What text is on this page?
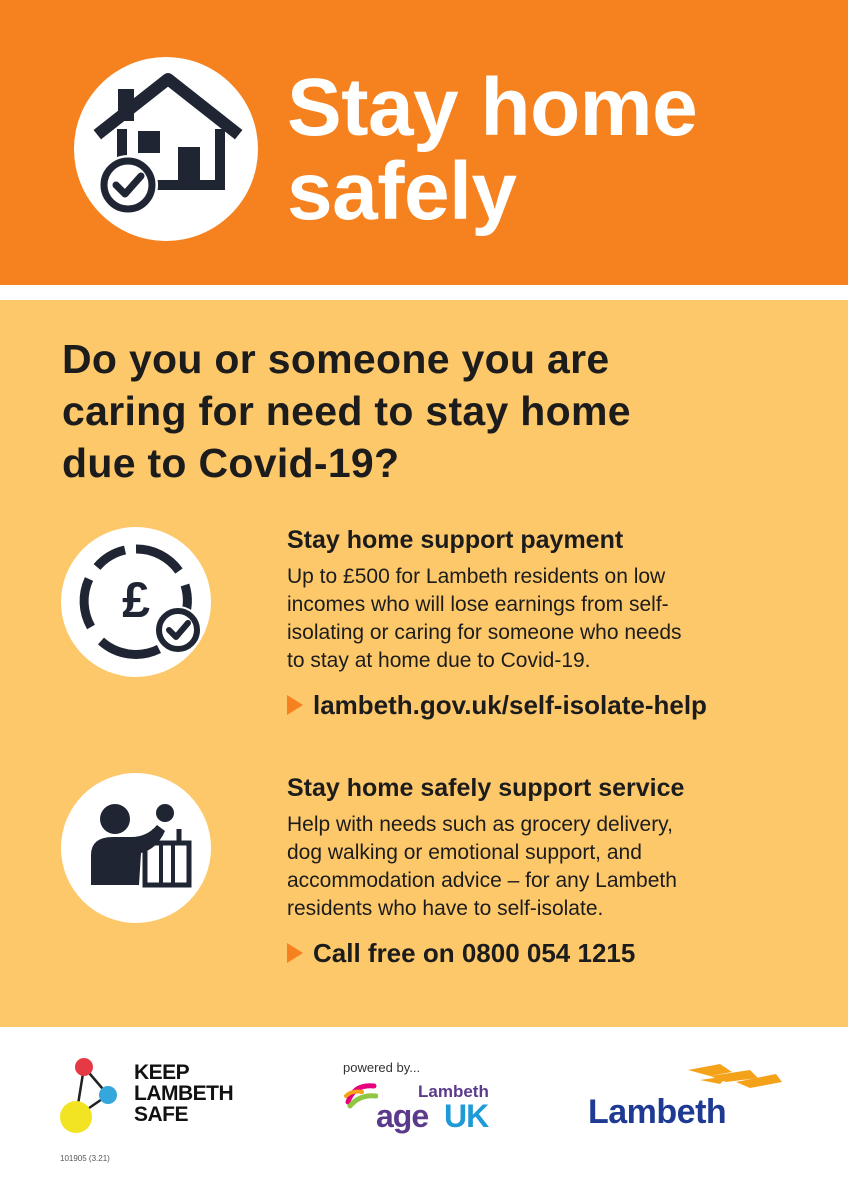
Stay home
safely
Do you or someone you are
caring for need to stay home
due to Covid-19?
£
Stay home support payment
Up to £500 for Lambeth residents on low
incomes who will lose earnings from self-
isolating or caring for someone who needs
to stay at home due to Covid-19.
lambeth.gov.uk/self-isolate-help
Stay home safely support service
Help with needs such as grocery delivery,
dog walking or emotional support, and
accommodation advice – for any Lambeth
residents who have to self-isolate.
Call free on 0800 054 1215
KEEP
LAMBETH
SAFE
powered by...
Lambeth
age UK	Lambeth
101905 (3.21)
